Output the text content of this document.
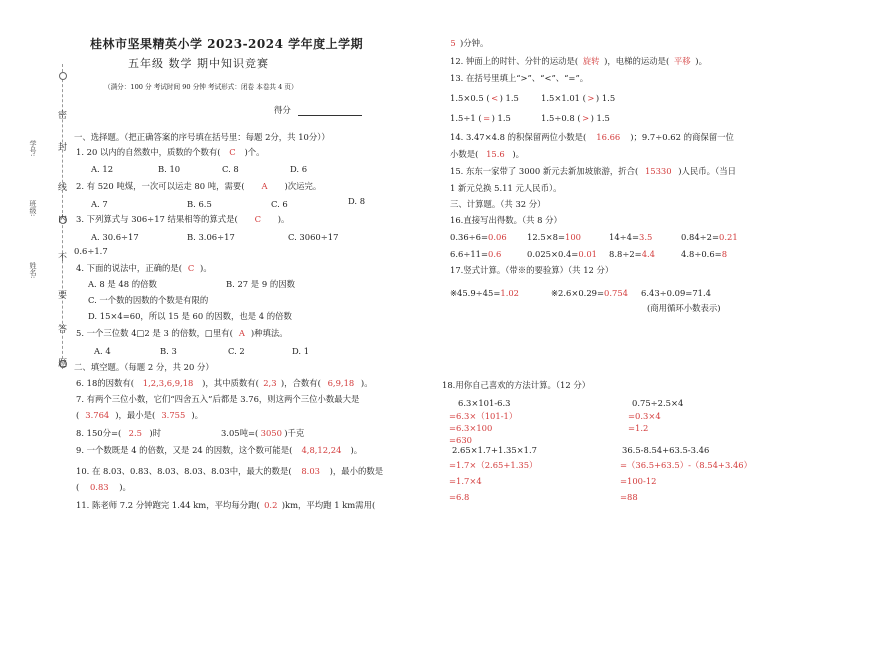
密
封
线
内
不
要
答
题
学号:
班级:
姓名:
桂林市坚果精英小学 2023-2024 学年度上学期
五年级 数学 期中知识竞赛
（满分：100 分 考试时间 90 分钟 考试形式：闭卷 本卷共 4 页）
得分
一、选择题。（把正确答案的序号填在括号里：每题 2分，共 10分））
1. 20 以内的自然数中，质数的个数有( C )个。
A. 12	B. 10	C. 8	D. 6
2. 有 520 吨煤，一次可以运走 80 吨，需要( A )次运完。
A. 7	B. 6.5	C. 6	D. 8
3. 下列算式与 306÷17 结果相等的算式是( C )。
A. 30.6÷17	B. 3.06÷17	C. 3060÷17
0.6÷1.7
4. 下面的说法中，正确的是( C )。
A. 8 是 48 的倍数	B. 27 是 9 的因数
C. 一个数的因数的个数是有限的
D. 15×4=60，所以 15 是 60 的因数，也是 4 的倍数
5. 一个三位数 4□2 是 3 的倍数，□里有( A )种填法。
A. 4	B. 3	C. 2	D. 1
二、填空题。（每题 2 分，共 20 分）
6. 18的因数有( 1,2,3,6,9,18 )，其中质数有( 2,3 )，合数有( 6,9,18 )。
7. 有两个三位小数，它们“四舍五入”后都是 3.76，则这两个三位小数最大是
( 3.764 )，最小是( 3.755 )。
8. 150分=( 2.5 )时	3.05吨=( 3050 )千克
9. 一个数既是 4 的倍数，又是 24 的因数，这个数可能是( 4,8,12,24 )。
10. 在 8.03、0.83、8.03、8.03、8.03中，最大的数是( 8.03 )，最小的数是
( 0.83 )。
11. 陈老师 7.2 分钟跑完 1.44 km，平均每分跑( 0.2 )km，平均跑 1 km需用(
5 )分钟。
12. 钟面上的时针、分针的运动是( 旋转 )，电梯的运动是( 平移 )。
13. 在括号里填上“>”、“<”、“=”。
1.5×0.5 (<) 1.5	1.5×1.01 (>) 1.5
1.5÷1 (=) 1.5	1.5÷0.8 (>) 1.5
14. 3.47×4.8 的积保留两位小数是( 16.66 )；9.7÷0.62 的商保留一位
小数是( 15.6 )。
15. 东东一家带了 3000 新元去新加坡旅游，折合( 15330 )人民币。（当日
1 新元兑换 5.11 元人民币）。
三、计算题。（共 32 分）
16.直接写出得数。（共 8 分）
0.36÷6=0.06 12.5×8=100	14÷4=3.5	0.84÷2=0.21
6.6÷11=0.6	0.025×0.4=0.01 8.8÷2=4.4	4.8÷0.6=8
17.竖式计算。（带※的要验算）（共 12 分）
※45.9÷45=1.02	※2.6×0.29=0.754 6.43÷0.09=71.4
(商用循环小数表示)
18.用你自己喜欢的方法计算。（12 分）
6.3×101-6.3
=6.3×（101-1）
=6.3×100
=630
0.75÷2.5×4
=0.3×4
=1.2
2.65×1.7+1.35×1.7
=1.7×（2.65+1.35）
=1.7×4
=6.8
36.5-8.54+63.5-3.46
=（36.5+63.5）-（8.54+3.46）
=100-12
=88
